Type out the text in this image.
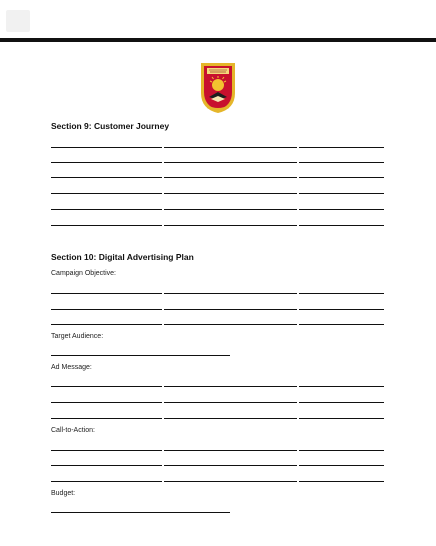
Section 9: Customer Journey
Section 10: Digital Advertising Plan
Campaign Objective:
Target Audience:
Ad Message:
Call-to-Action:
Budget:
